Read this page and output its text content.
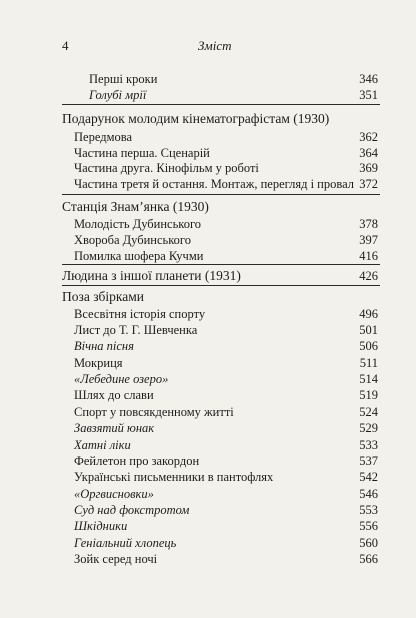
4	Зміст
Перші кроки	346
Голубі мрії	351
Подарунок молодим кінематографістам (1930)
Передмова	362
Частина перша. Сценарій	364
Частина друга. Кінофільм у роботі	369
Частина третя й остання. Монтаж, перегляд і провал 372
Станція Знам’янка (1930)
Молодість Дубинського	378
Хвороба Дубинського	397
Помилка шофера Кучми	416
Людина з іншої планети (1931)	426
Поза збірками
Всесвітня історія спорту	496
Лист до Т. Г. Шевченка	501
Вічна пісня	506
Мокриця	511
«Лебедине озеро»	514
Шлях до слави	519
Спорт у повсякденному житті	524
Завзятий юнак	529
Хатні ліки	533
Фейлетон про закордон	537
Українські письменники в пантофлях	542
«Оргвисновки»	546
Суд над фокстротом	553
Шкідники	556
Геніальний хлопець	560
Зойк серед ночі	566
